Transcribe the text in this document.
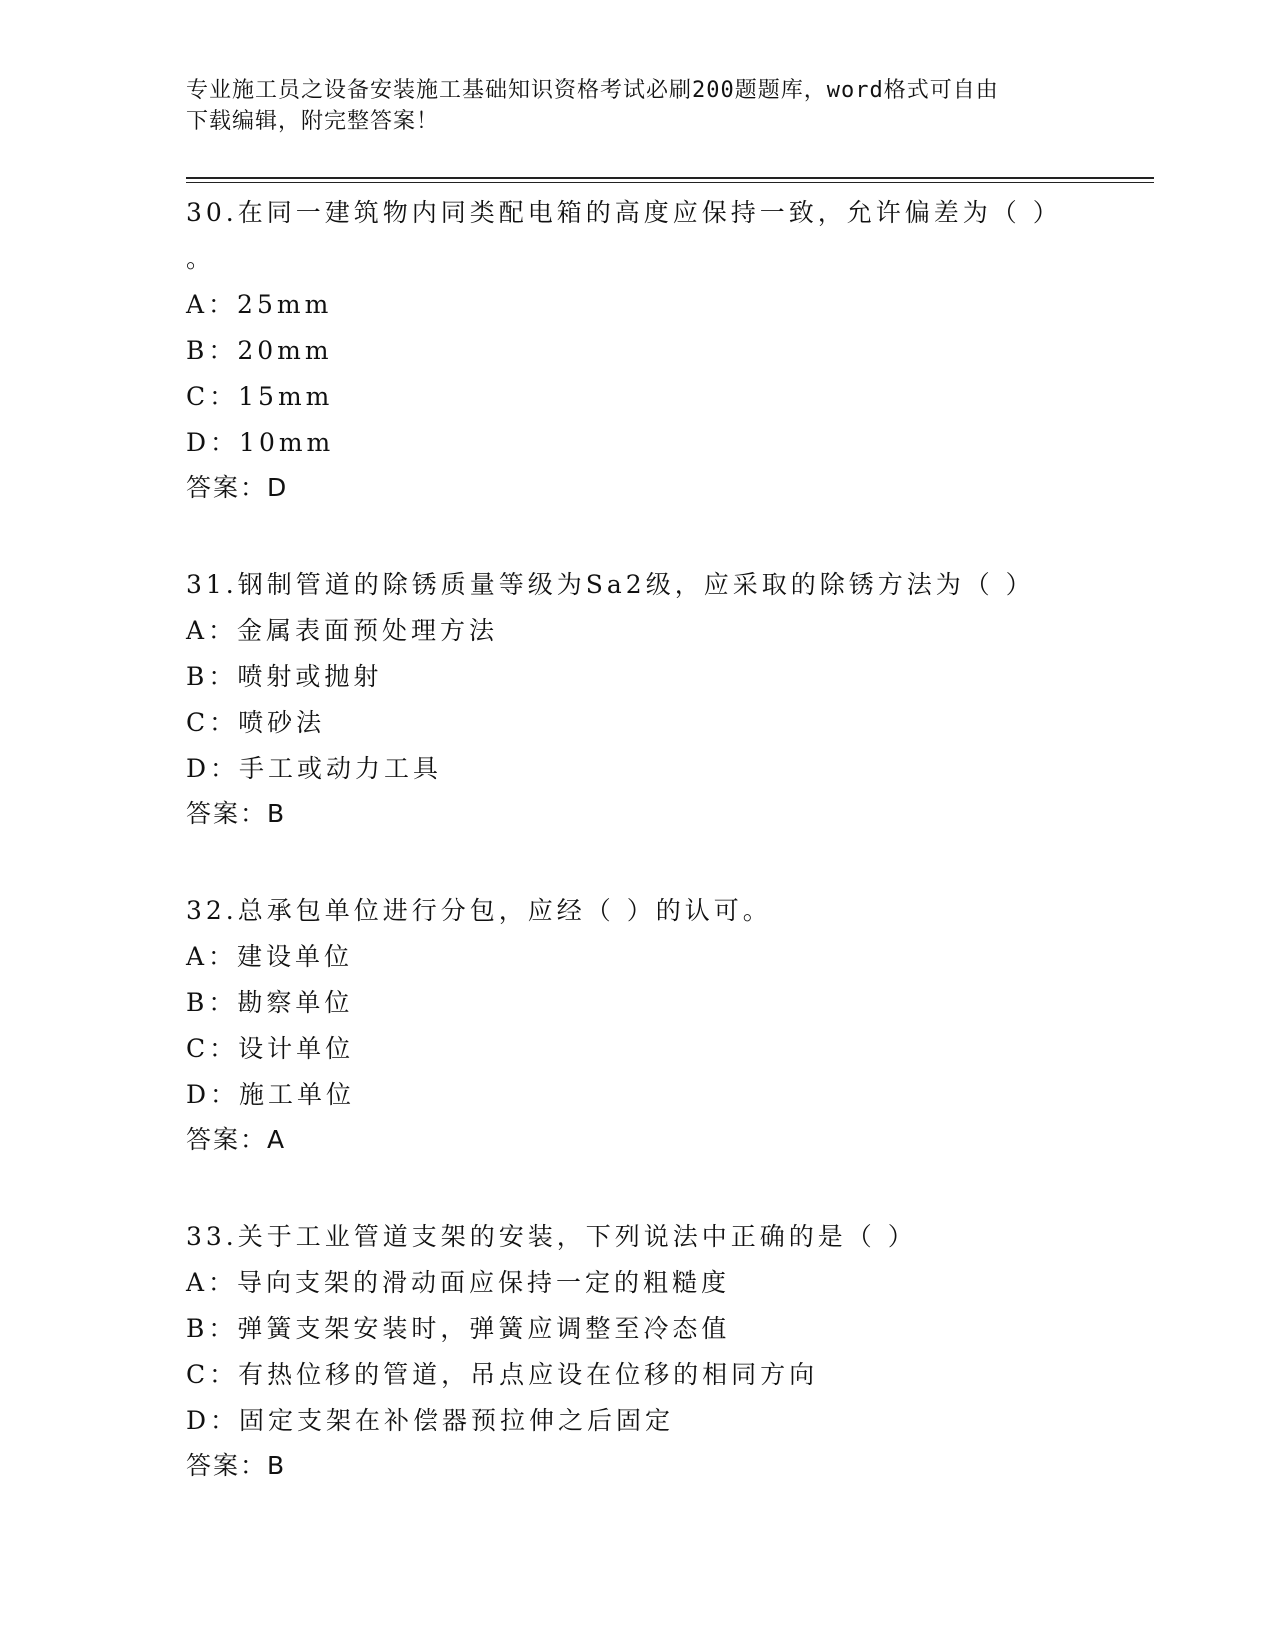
专业施工员之设备安装施工基础知识资格考试必刷200题题库，word格式可自由
下载编辑，附完整答案！
30.在同一建筑物内同类配电箱的高度应保持一致，允许偏差为（ ）
。
A：25mm
B：20mm
C：15mm
D：10mm
答案：D
31.钢制管道的除锈质量等级为Sa2级，应采取的除锈方法为（ ）
A：金属表面预处理方法
B：喷射或抛射
C：喷砂法
D：手工或动力工具
答案：B
32.总承包单位进行分包，应经（ ）的认可。
A：建设单位
B：勘察单位
C：设计单位
D：施工单位
答案：A
33.关于工业管道支架的安装，下列说法中正确的是（ ）
A：导向支架的滑动面应保持一定的粗糙度
B：弹簧支架安装时，弹簧应调整至冷态值
C：有热位移的管道，吊点应设在位移的相同方向
D：固定支架在补偿器预拉伸之后固定
答案：B
